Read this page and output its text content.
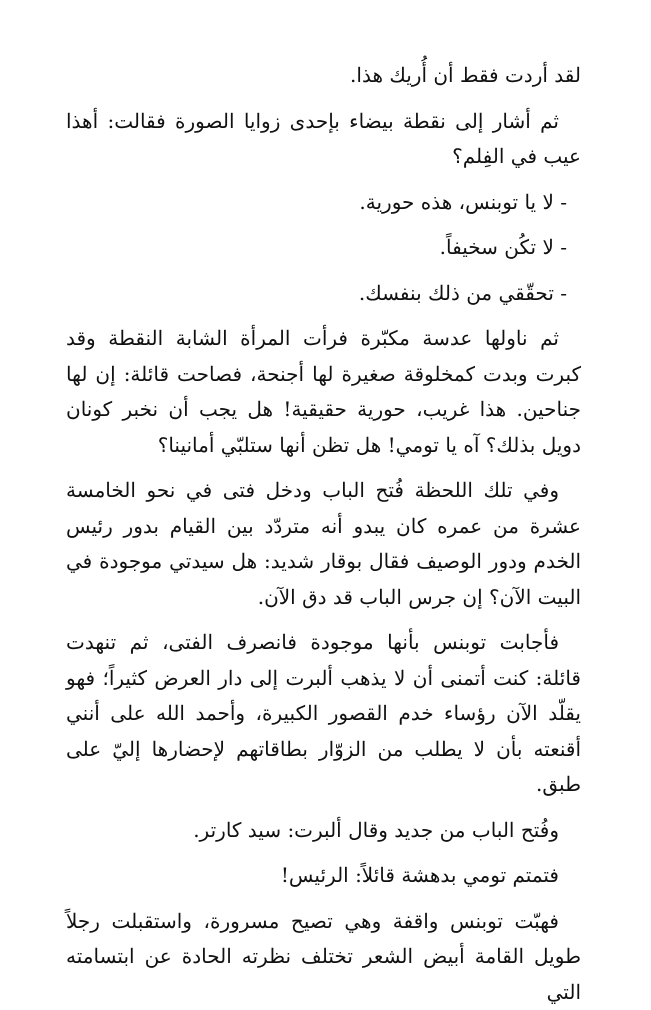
لقد أردت فقط أن أُريك هذا.

ثم أشار إلى نقطة بيضاء بإحدى زوايا الصورة فقالت: أهذا عيب في الفِلم؟

- لا يا توبنس، هذه حورية.

- لا تكُن سخيفاً.

- تحقّقي من ذلك بنفسك.

ثم ناولها عدسة مكبّرة فرأت المرأة الشابة النقطة وقد كبرت وبدت كمخلوقة صغيرة لها أجنحة، فصاحت قائلة: إن لها جناحين. هذا غريب، حورية حقيقية! هل يجب أن نخبر كونان دويل بذلك؟ آه يا تومي! هل تظن أنها ستلبّي أمانينا؟

وفي تلك اللحظة فُتح الباب ودخل فتى في نحو الخامسة عشرة من عمره كان يبدو أنه متردّد بين القيام بدور رئيس الخدم ودور الوصيف فقال بوقار شديد: هل سيدتي موجودة في البيت الآن؟ إن جرس الباب قد دق الآن.

فأجابت توبنس بأنها موجودة فانصرف الفتى، ثم تنهدت قائلة: كنت أتمنى أن لا يذهب ألبرت إلى دار العرض كثيراً؛ فهو يقلّد الآن رؤساء خدم القصور الكبيرة، وأحمد الله على أنني أقنعته بأن لا يطلب من الزوّار بطاقاتهم لإحضارها إليّ على طبق.

وفُتح الباب من جديد وقال ألبرت: سيد كارتر.

فتمتم تومي بدهشة قائلاً: الرئيس!

فهبّت توبنس واقفة وهي تصيح مسرورة، واستقبلت رجلاً طويل القامة أبيض الشعر تختلف نظرته الحادة عن ابتسامته التي
